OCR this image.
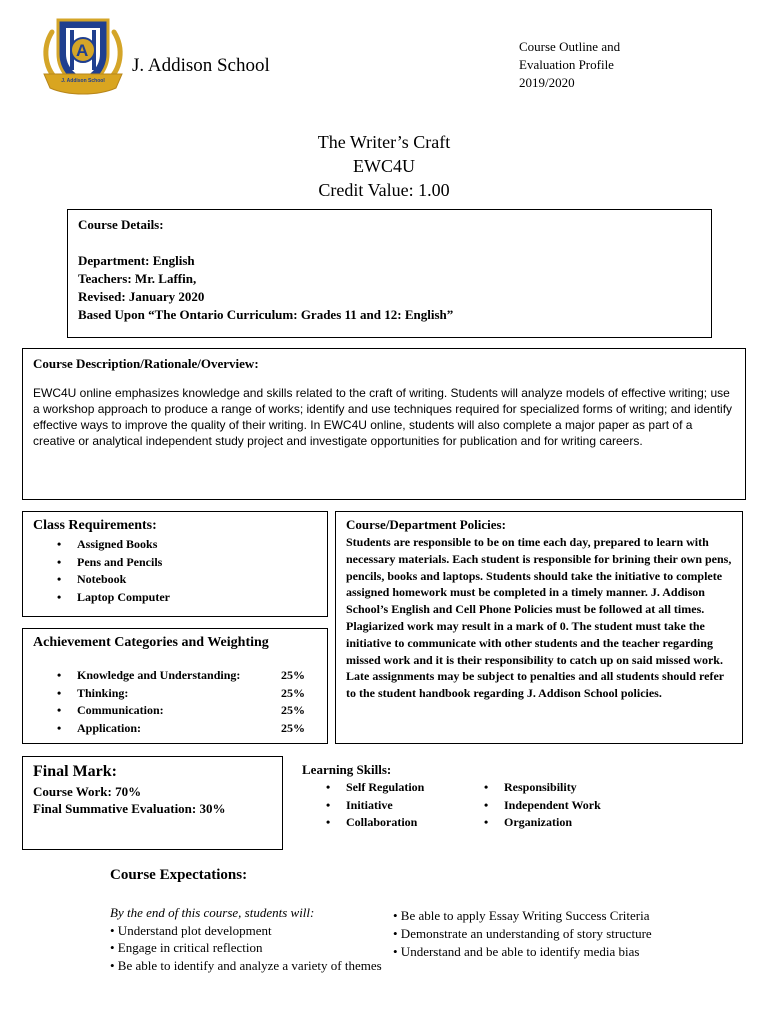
A
J. Addison School
J. Addison School
Course Outline and
Evaluation Profile
2019/2020
The Writer’s Craft
EWC4U
Credit Value: 1.00
Course Details:
Department: English
Teachers: Mr. Laffin,
Revised: January 2020
Based Upon “The Ontario Curriculum: Grades 11 and 12: English”
Course Description/Rationale/Overview:
EWC4U online emphasizes knowledge and skills related to the craft of writing. Students will analyze models of effective writing; use a workshop approach to produce a range of works; identify and use techniques required for specialized forms of writing; and identify effective ways to improve the quality of their writing. In EWC4U online, students will also complete a major paper as part of a creative or analytical independent study project and investigate opportunities for publication and for writing careers.
Class Requirements:
• Assigned Books
• Pens and Pencils
• Notebook
• Laptop Computer
Achievement Categories and Weighting
• Knowledge and Understanding:	25%
• Thinking:	25%
• Communication:	25%
• Application:	25%
Course/Department Policies:
Students are responsible to be on time each day, prepared to learn with necessary materials. Each student is responsible for brining their own pens, pencils, books and laptops. Students should take the initiative to complete assigned homework must be completed in a timely manner. J. Addison School’s English and Cell Phone Policies must be followed at all times. Plagiarized work may result in a mark of 0. The student must take the initiative to communicate with other students and the teacher regarding missed work and it is their responsibility to catch up on said missed work. Late assignments may be subject to penalties and all students should refer to the student handbook regarding J. Addison School policies.
Final Mark:
Course Work: 70%
Final Summative Evaluation: 30%
Learning Skills:
• Self Regulation
• Initiative
• Collaboration
• Responsibility
• Independent Work
• Organization
Course Expectations:
By the end of this course, students will:
• Understand plot development
• Engage in critical reflection
• Be able to identify and analyze a variety of themes
• Be able to apply Essay Writing Success Criteria
• Demonstrate an understanding of story structure
• Understand and be able to identify media bias
